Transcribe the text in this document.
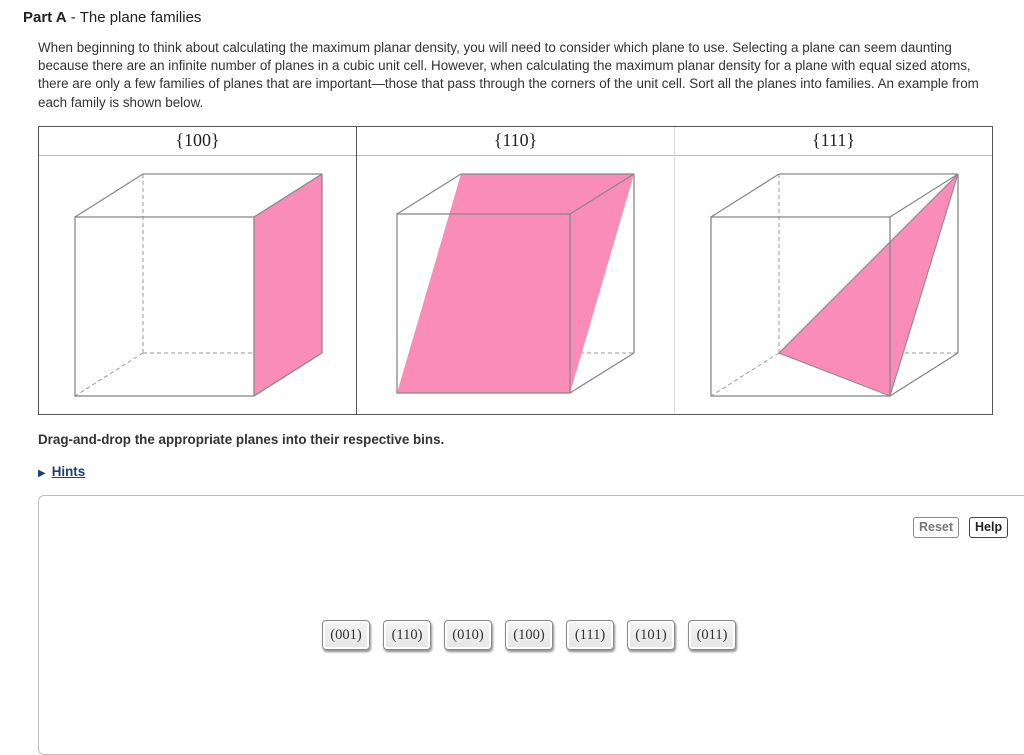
Part A - The plane families

When beginning to think about calculating the maximum planar density, you will need to consider which plane to use. Selecting a plane can seem daunting because there are an infinite number of planes in a cubic unit cell. However, when calculating the maximum planar density for a plane with equal sized atoms, there are only a few families of planes that are important—those that pass through the corners of the unit cell. Sort all the planes into families. An example from each family is shown below.

{100}	{110}	{111}
Drag-and-drop the appropriate planes into their respective bins.
▶ Hints
Reset	Help
(001)	(110)	(010)	(100)	(111)	(101)	(011)
